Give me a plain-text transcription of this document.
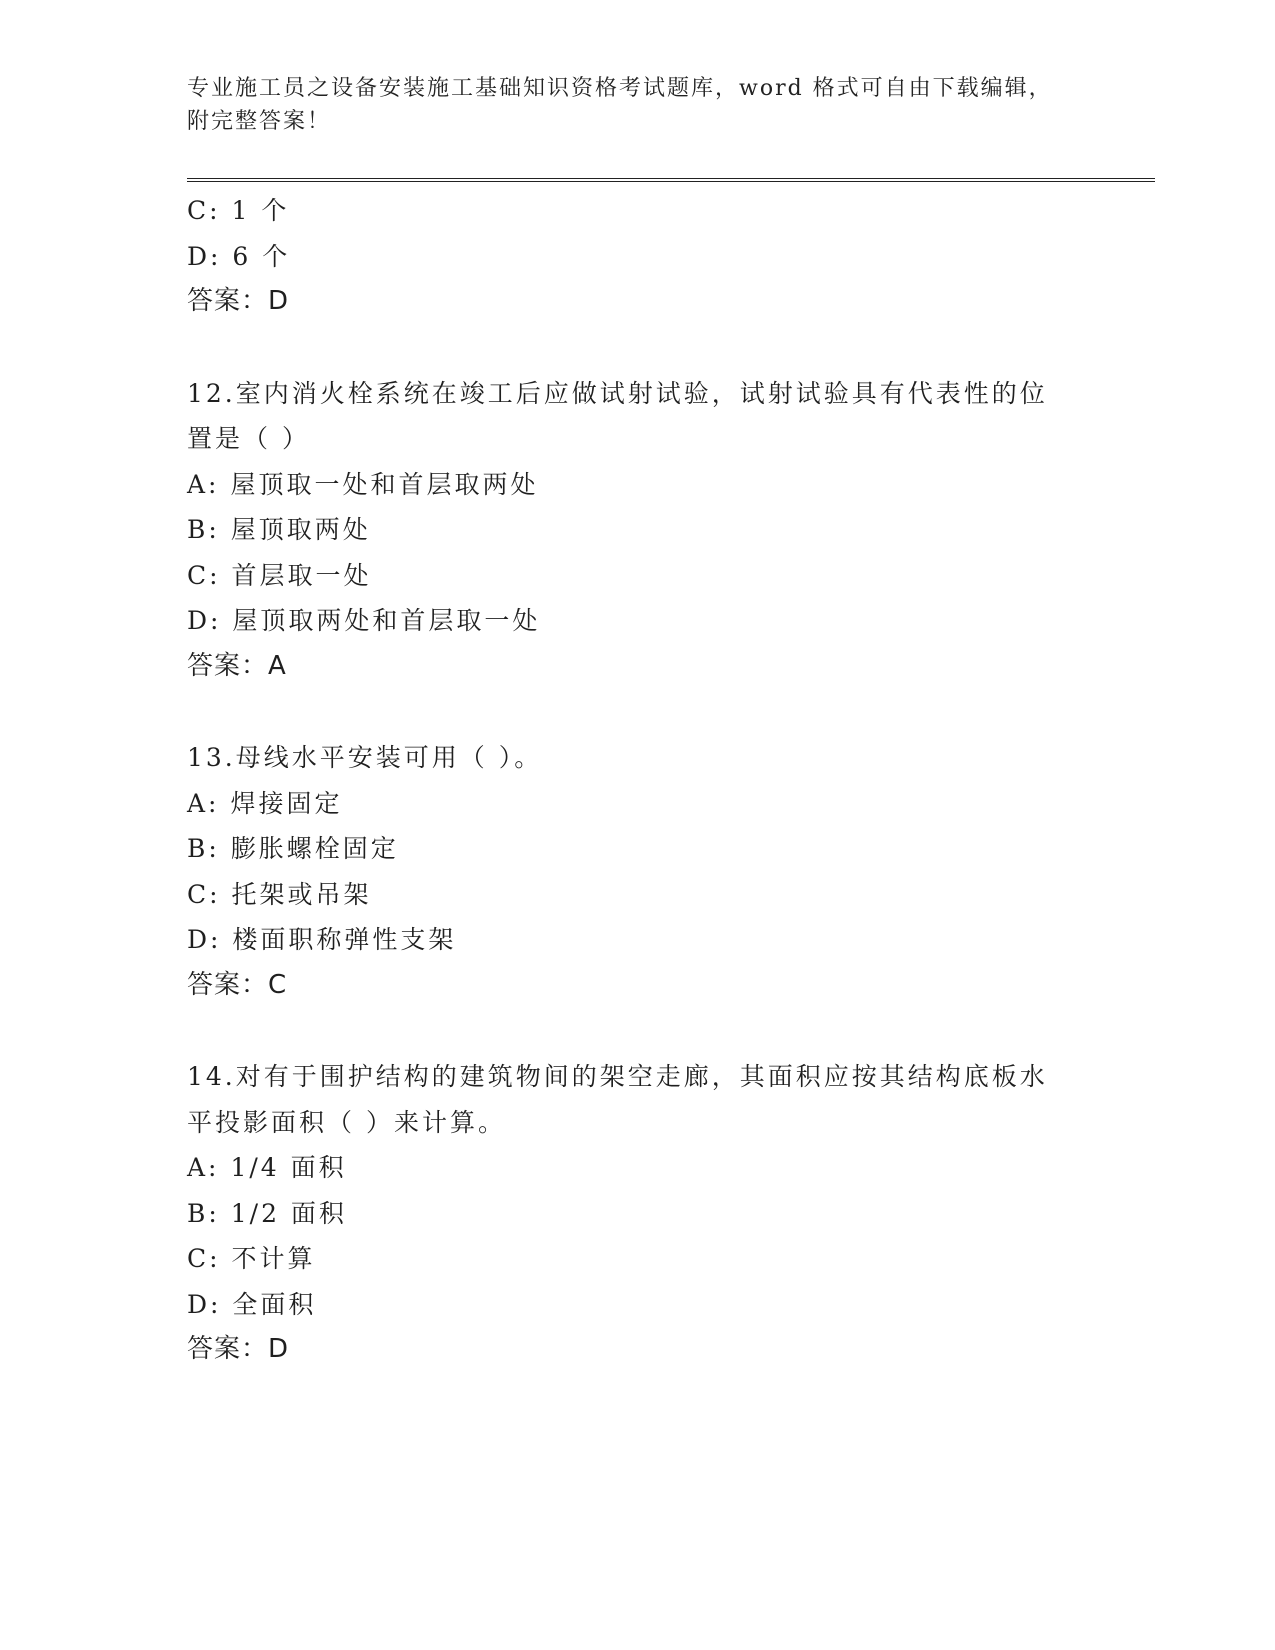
专业施工员之设备安装施工基础知识资格考试题库，word 格式可自由下载编辑，
附完整答案！
C: 1 个
D: 6 个
答案：D
12.室内消火栓系统在竣工后应做试射试验，试射试验具有代表性的位
置是（ ）
A: 屋顶取一处和首层取两处
B: 屋顶取两处
C: 首层取一处
D: 屋顶取两处和首层取一处
答案：A
13.母线水平安装可用（ ）。
A: 焊接固定
B: 膨胀螺栓固定
C: 托架或吊架
D: 楼面职称弹性支架
答案：C
14.对有于围护结构的建筑物间的架空走廊，其面积应按其结构底板水
平投影面积（ ）来计算。
A: 1/4 面积
B: 1/2 面积
C: 不计算
D: 全面积
答案：D
